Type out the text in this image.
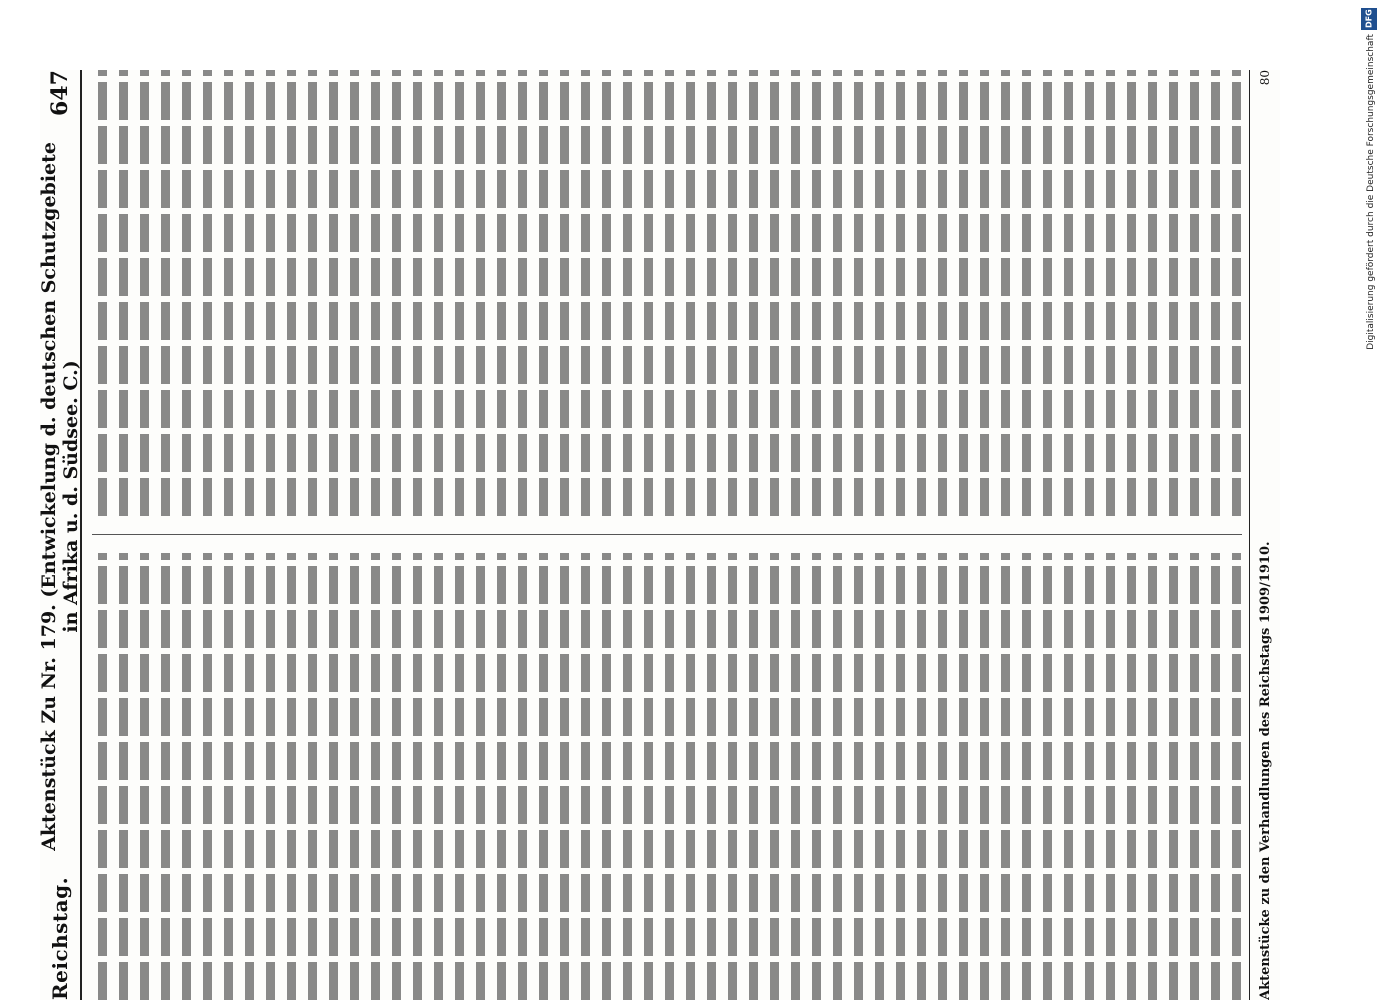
Reichstag.
Aktenstück Zu Nr. 179. (Entwickelung d. deutschen Schutzgebiete in Afrika u. d. Südsee. C.)
647
Aktenstücke zu den Verhandlungen des Reichstags 1909/1910.
80
DFG
Digitalisierung gefördert durch die Deutsche Forschungsgemeinschaft
